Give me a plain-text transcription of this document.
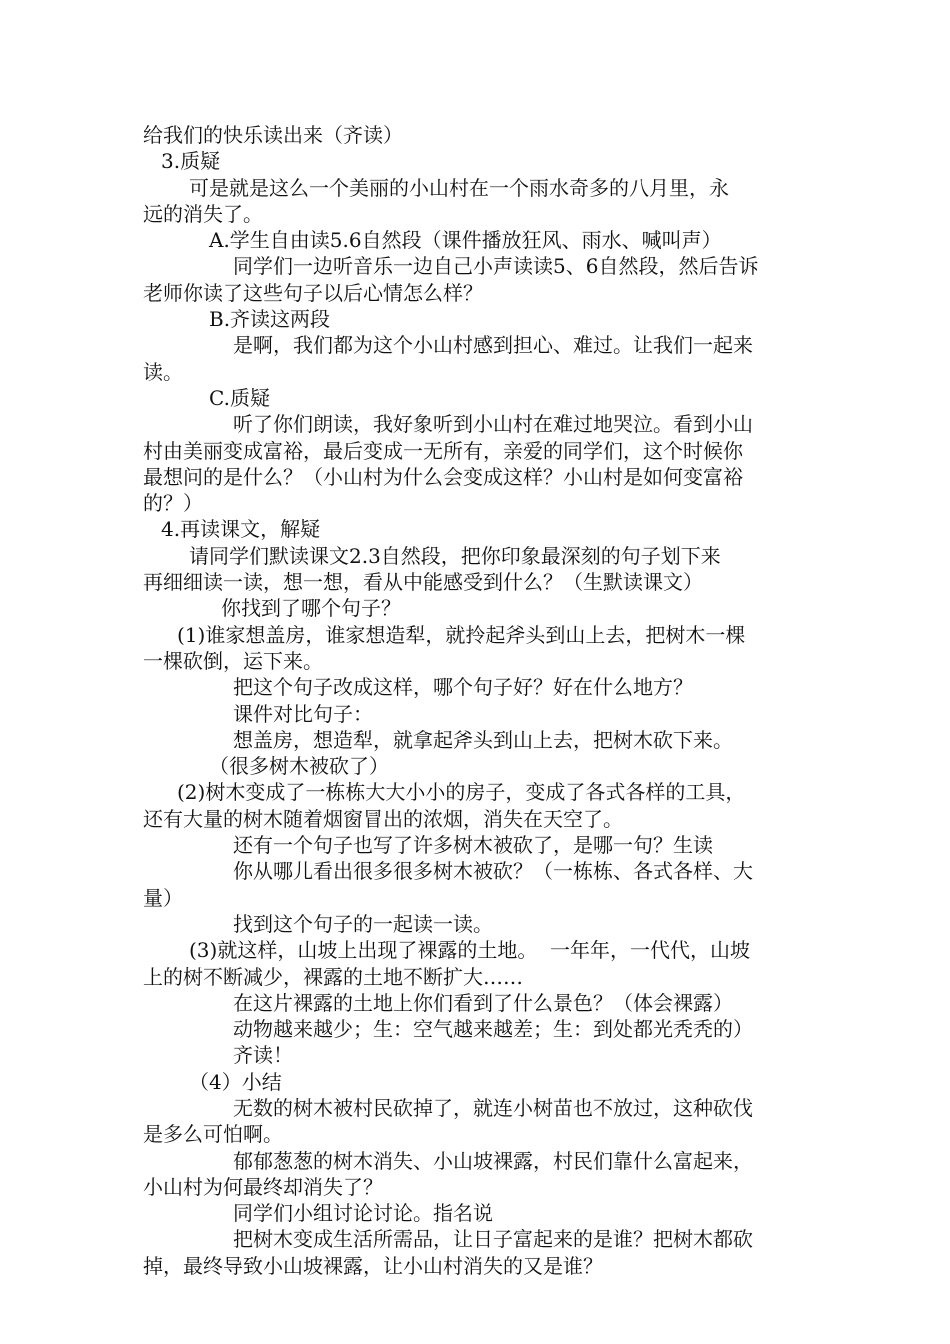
给我们的快乐读出来（齐读）
3.质疑
可是就是这么一个美丽的小山村在一个雨水奇多的八月里，永
远的消失了。
A.学生自由读5.6自然段（课件播放狂风、雨水、喊叫声）
同学们一边听音乐一边自己小声读读5、6自然段，然后告诉
老师你读了这些句子以后心情怎么样？
B.齐读这两段
是啊，我们都为这个小山村感到担心、难过。让我们一起来
读。
C.质疑
听了你们朗读，我好象听到小山村在难过地哭泣。看到小山
村由美丽变成富裕，最后变成一无所有，亲爱的同学们，这个时候你
最想问的是什么？（小山村为什么会变成这样？小山村是如何变富裕
的？）
4.再读课文，解疑
请同学们默读课文2.3自然段，把你印象最深刻的句子划下来
再细细读一读，想一想，看从中能感受到什么？（生默读课文）
你找到了哪个句子？
(1)谁家想盖房，谁家想造犁，就拎起斧头到山上去，把树木一棵
一棵砍倒，运下来。
把这个句子改成这样，哪个句子好？好在什么地方？
课件对比句子：
想盖房，想造犁，就拿起斧头到山上去，把树木砍下来。
（很多树木被砍了）
(2)树木变成了一栋栋大大小小的房子，变成了各式各样的工具，
还有大量的树木随着烟窗冒出的浓烟，消失在天空了。
还有一个句子也写了许多树木被砍了，是哪一句？生读
你从哪儿看出很多很多树木被砍？（一栋栋、各式各样、大
量）
找到这个句子的一起读一读。
(3)就这样，山坡上出现了裸露的土地。  一年年，一代代，山坡
上的树不断减少，裸露的土地不断扩大……
在这片裸露的土地上你们看到了什么景色？（体会裸露）
动物越来越少；生：空气越来越差；生：到处都光秃秃的）
齐读！
（4）小结
无数的树木被村民砍掉了，就连小树苗也不放过，这种砍伐
是多么可怕啊。
郁郁葱葱的树木消失、小山坡裸露，村民们靠什么富起来，
小山村为何最终却消失了？
同学们小组讨论讨论。指名说
把树木变成生活所需品，让日子富起来的是谁？把树木都砍
掉，最终导致小山坡裸露，让小山村消失的又是谁？
